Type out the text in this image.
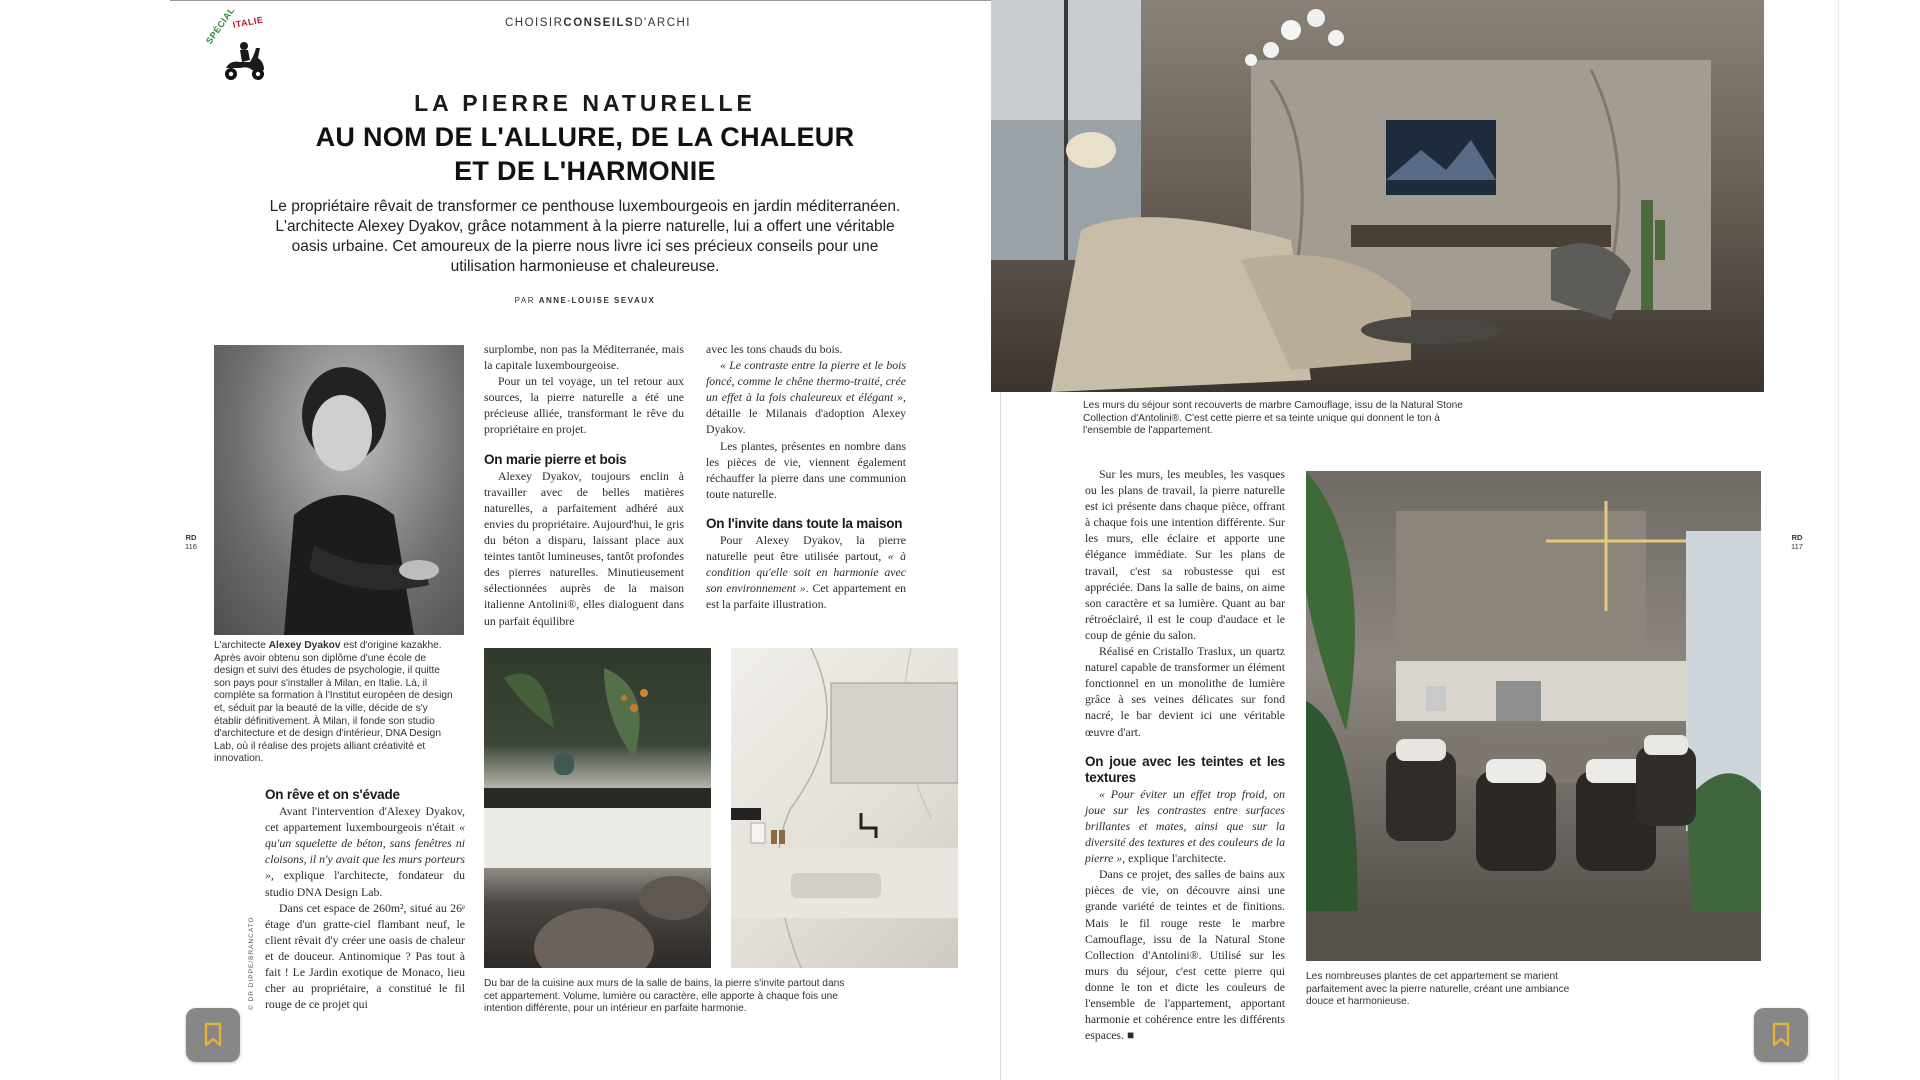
SPÉCIAL
ITALIE	CHOISIRCONSEILSD'ARCHI
LA PIERRE NATURELLE
AU NOM DE L'ALLURE, DE LA CHALEUR
ET DE L'HARMONIE
Le propriétaire rêvait de transformer ce penthouse luxembourgeois en jardin méditerranéen. L'architecte Alexey Dyakov, grâce notamment à la pierre naturelle, lui a offert une véritable oasis urbaine. Cet amoureux de la pierre nous livre ici ses précieux conseils pour une utilisation harmonieuse et chaleureuse.
PAR ANNE-LOUISE SEVAUX
RD
116
L'architecte Alexey Dyakov est d'origine kazakhe. Après avoir obtenu son diplôme d'une école de design et suivi des études de psychologie, il quitte son pays pour s'installer à Milan, en Italie. Là, il complète sa formation à l'Institut européen de design et, séduit par la beauté de la ville, décide de s'y établir définitivement. À Milan, il fonde son studio d'architecture et de design d'intérieur, DNA Design Lab, où il réalise des projets alliant créativité et innovation.
On rêve et on s'évade

Avant l'intervention d'Alexey Dyakov, cet appartement luxembourgeois n'était « qu'un squelette de béton, sans fenêtres ni cloisons, il n'y avait que les murs porteurs », explique l'architecte, fondateur du studio DNA Design Lab.

Dans cet espace de 260m², situé au 26ᵉ étage d'un gratte-ciel flambant neuf, le client rêvait d'y créer une oasis de chaleur et de douceur. Antinomique ? Pas tout à fait ! Le Jardin exotique de Monaco, lieu cher au propriétaire, a constitué le fil rouge de ce projet qui

© DR DIPPE/BRANCATO

surplombe, non pas la Méditerranée, mais la capitale luxembourgeoise.

Pour un tel voyage, un tel retour aux sources, la pierre naturelle a été une précieuse alliée, transformant le rêve du propriétaire en projet.

On marie pierre et bois

Alexey Dyakov, toujours enclin à travailler avec de belles matières naturelles, a parfaitement adhéré aux envies du propriétaire. Aujourd'hui, le gris du béton a disparu, laissant place aux teintes tantôt lumineuses, tantôt profondes des pierres naturelles. Minutieusement sélectionnées auprès de la maison italienne Antolini®, elles dialoguent dans un parfait équilibre

avec les tons chauds du bois.

« Le contraste entre la pierre et le bois foncé, comme le chêne thermo-traité, crée un effet à la fois chaleureux et élégant », détaille le Milanais d'adoption Alexey Dyakov.

Les plantes, présentes en nombre dans les pièces de vie, viennent également réchauffer la pierre dans une communion toute naturelle.

On l'invite dans toute la maison

Pour Alexey Dyakov, la pierre naturelle peut être utilisée partout, « à condition qu'elle soit en harmonie avec son environnement ». Cet appartement en est la parfaite illustration.

Du bar de la cuisine aux murs de la salle de bains, la pierre s'invite partout dans cet appartement. Volume, lumière ou caractère, elle apporte à chaque fois une intention différente, pour un intérieur en parfaite harmonie.
Les murs du séjour sont recouverts de marbre Camouflage, issu de la Natural Stone Collection d'Antolini®. C'est cette pierre et sa teinte unique qui donnent le ton à l'ensemble de l'appartement.

Sur les murs, les meubles, les vasques ou les plans de travail, la pierre naturelle est ici présente dans chaque pièce, offrant à chaque fois une intention différente. Sur les murs, elle éclaire et apporte une élégance immédiate. Sur les plans de travail, c'est sa robustesse qui est appréciée. Dans la salle de bains, on aime son caractère et sa lumière. Quant au bar rétroéclairé, il est le coup d'audace et le coup de génie du salon.

Réalisé en Cristallo Traslux, un quartz naturel capable de transformer un élément fonctionnel en un monolithe de lumière grâce à ses veines délicates sur fond nacré, le bar devient ici une véritable œuvre d'art.

On joue avec les teintes et les textures

« Pour éviter un effet trop froid, on joue sur les contrastes entre surfaces brillantes et mates, ainsi que sur la diversité des textures et des couleurs de la pierre », explique l'architecte.

Dans ce projet, des salles de bains aux pièces de vie, on découvre ainsi une grande variété de teintes et de finitions. Mais le fil rouge reste le marbre Camouflage, issu de la Natural Stone Collection d'Antolini®. Utilisé sur les murs du séjour, c'est cette pierre qui donne le ton et dicte les couleurs de l'ensemble de l'appartement, apportant harmonie et cohérence entre les différents espaces. ■

Les nombreuses plantes de cet appartement se marient parfaitement avec la pierre naturelle, créant une ambiance douce et harmonieuse.
RD
117
